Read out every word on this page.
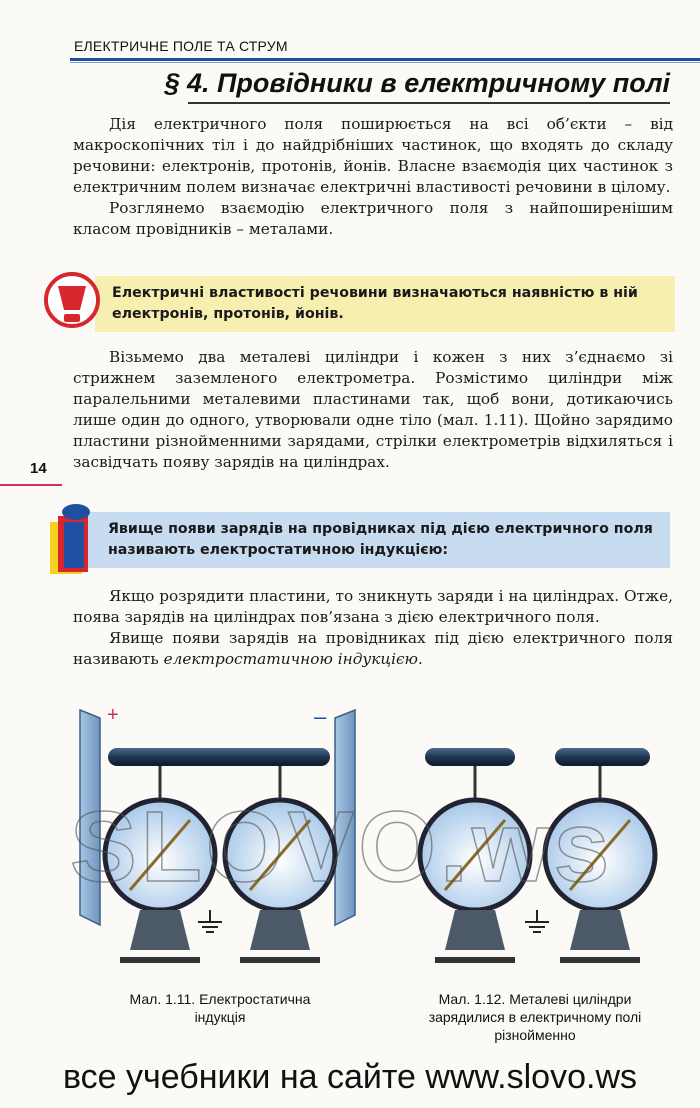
ЕЛЕКТРИЧНЕ ПОЛЕ ТА СТРУМ
§ 4. Провідники в електричному полі

Дія електричного поля поширюється на всі об’єкти – від макроскопічних тіл і до найдрібніших частинок, що входять до складу речовини: електронів, протонів, йонів. Власне взаємодія цих частинок з електричним полем визначає електричні властивості речовини в цілому.

Розглянемо взаємодію електричного поля з найпоширенішим класом провідників – металами.

Електричні властивості речовини визначаються наявністю в ній електронів, протонів, йонів.

Візьмемо два металеві циліндри і кожен з них з’єднаємо зі стрижнем заземленого електрометра. Розмістимо циліндри між паралельними металевими пластинами так, щоб вони, дотикаючись лише один до одного, утворювали одне тіло (мал. 1.11). Щойно зарядимо пластини різнойменними зарядами, стрілки електрометрів відхиляться і засвідчать появу зарядів на циліндрах.

14
Явище появи зарядів на провідниках під дією електричного поля називають електростатичною індукцією:

Якщо розрядити пластини, то зникнуть заряди і на циліндрах. Отже, поява зарядів на циліндрах пов’язана з дією електричного поля.

Явище появи зарядів на провідниках під дією електричного поля називають електростатичною індукцією.

+	–
SLOVO.ws
Мал. 1.11. Електростатична
індукція
Мал. 1.12. Металеві циліндри
зарядилися в електричному полі
різнойменно
все учебники на сайте www.slovo.ws
